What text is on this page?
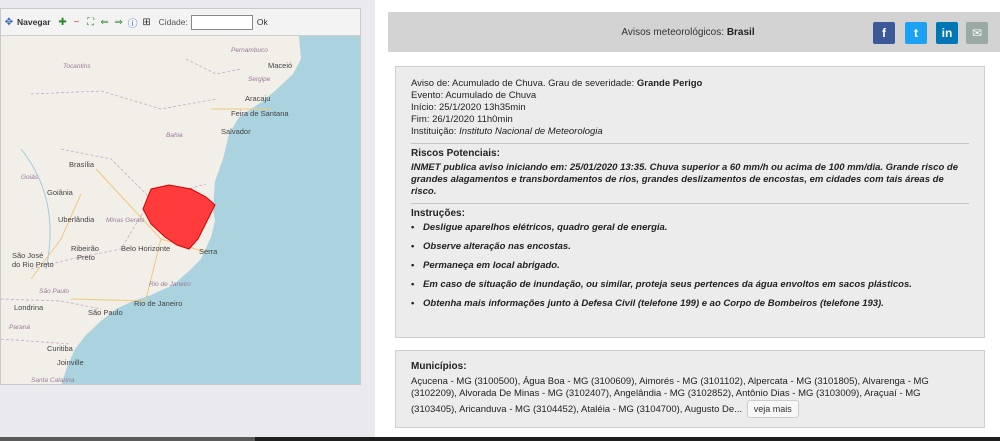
Pernambuco
Maceió
Tocantins
Sergipe
Aracaju
Feira de Santana
Bahia	Salvador
Brasília
Goiânia
Goiás
Uberlândia Minas Gerais
São José
do Rio Preto
Ribeirão
Preto
Belo Horizonte	Serra
Rio de Janeiro
São Paulo
Londrina
São Paulo
Rio de Janeiro
Paraná
Curitiba
Joinville
Santa Catarina
✥ Navegar ✚ − ⛶ ⇐ ⇒ ⓘ ⊞ Cidade:	Ok
Avisos meteorológicos: Brasil	f t in ✉
Aviso de: Acumulado de Chuva. Grau de severidade: Grande Perigo
Evento: Acumulado de Chuva
Início: 25/1/2020 13h35min
Fim: 26/1/2020 11h0min
Instituição: Instituto Nacional de Meteorologia
Riscos Potenciais:
INMET publica aviso iniciando em: 25/01/2020 13:35. Chuva superior a 60 mm/h ou acima de 100 mm/dia. Grande risco de grandes alagamentos e transbordamentos de rios, grandes deslizamentos de encostas, em cidades com tais áreas de risco.
Instruções:
• Desligue aparelhos elétricos, quadro geral de energia.
• Observe alteração nas encostas.
• Permaneça em local abrigado.
• Em caso de situação de inundação, ou similar, proteja seus pertences da água envoltos em sacos plásticos.
• Obtenha mais informações junto à Defesa Civil (telefone 199) e ao Corpo de Bombeiros (telefone 193).
Municípios:
Açucena - MG (3100500), Água Boa - MG (3100609), Aimorés - MG (3101102), Alpercata - MG (3101805), Alvarenga - MG (3102209), Alvorada De Minas - MG (3102407), Angelândia - MG (3102852), Antônio Dias - MG (3103009), Araçuaí - MG (3103405), Aricanduva - MG (3104452), Ataléia - MG (3104700), Augusto De... veja mais
